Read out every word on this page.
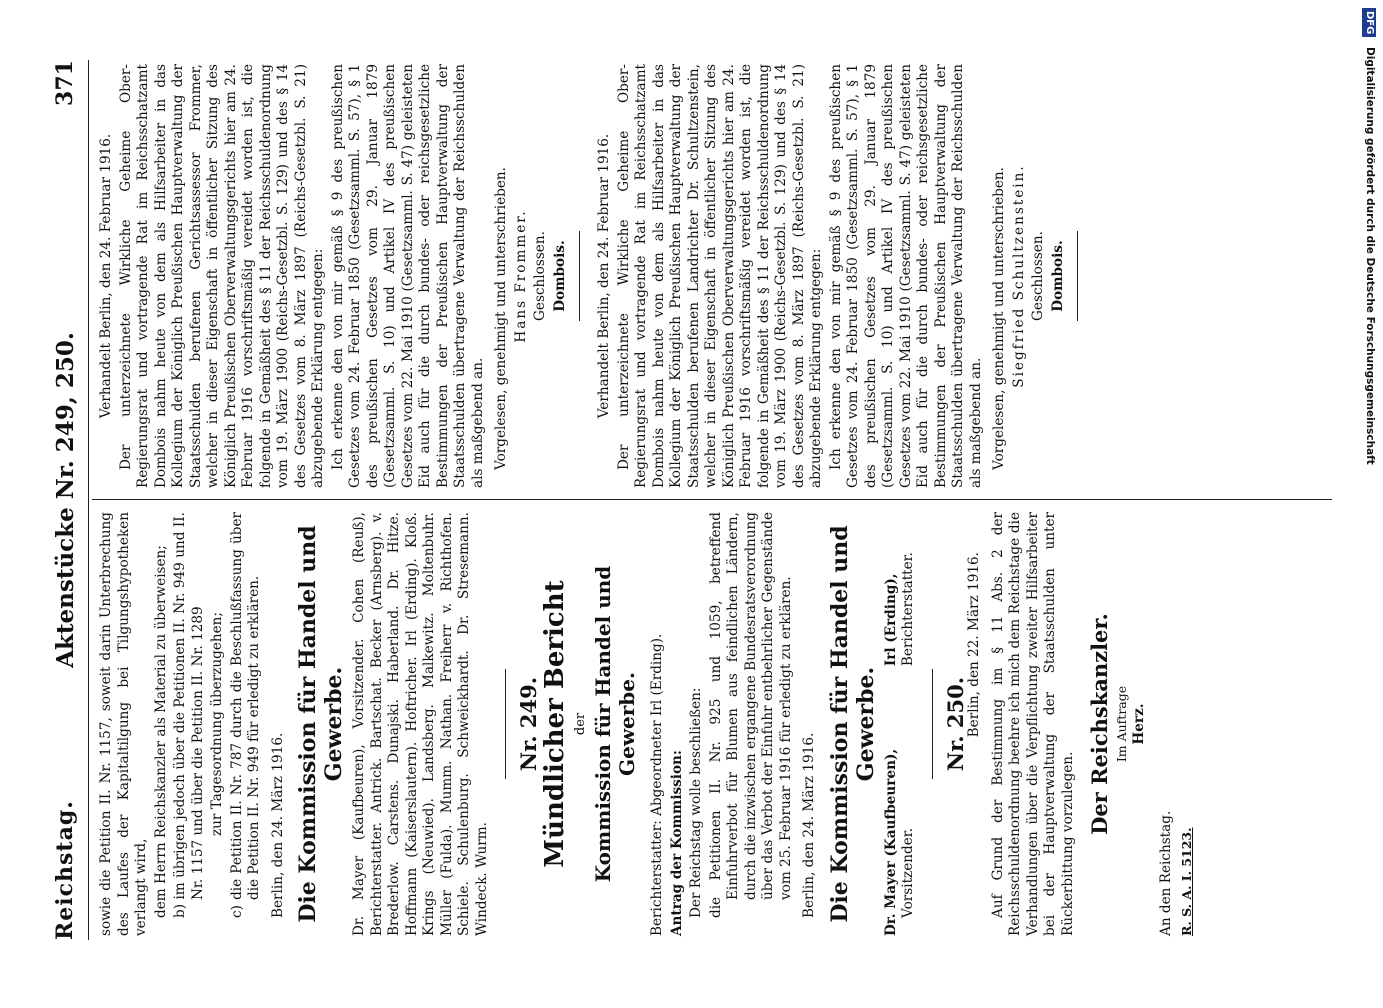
Reichstag.
Aktenstücke Nr. 249, 250.
371

sowie die Petition II. Nr. 1157, soweit darin Unterbrechung des Laufes der Kapitaltilgung bei Tilgungshypotheken verlangt wird, dem Herrn Reichskanzler als Material zu überweisen; b) im übrigen jedoch über die Petitionen II. Nr. 949 und II. Nr. 1157 und über die Petition II. Nr. 1289 zur Tagesordnung überzugehen; c) die Petition II. Nr. 787 durch die Beschlußfassung über die Petition II. Nr. 949 für erledigt zu erklären. Berlin, den 24. März 1916. Die Kommission für Handel und Gewerbe. Dr. Mayer (Kaufbeuren), Vorsitzender. Cohen (Reuß), Berichterstatter. Antrick. Bartschat. Becker (Arnsberg). v. Brederlow. Carstens. Dunajski. Haberland. Dr. Hitze. Hoffmann (Kaiserslautern). Hoftricher. Irl (Erding). Kloß. Krings (Neuwied). Landsberg. Malkewitz. Moltenbuhr. Müller (Fulda). Mumm. Nathan. Freiherr v. Richthofen. Schiele. Schulenburg. Schweickhardt. Dr. Stresemann. Windeck. Wurm.

Nr. 249.
Mündlicher Bericht der Kommission für Handel und Gewerbe. Berichterstatter: Abgeordneter Irl (Erding). Antrag der Kommission: Der Reichstag wolle beschließen: die Petitionen II. Nr. 925 und 1059, betreffend Einfuhrverbot für Blumen aus feindlichen Ländern, durch die inzwischen ergangene Bundesratsverordnung über das Verbot der Einfuhr entbehrlicher Gegenstände vom 25. Februar 1916 für erledigt zu erklären. Berlin, den 24. März 1916. Die Kommission für Handel und Gewerbe.
Dr. Mayer (Kaufbeuren), Vorsitzender.
Irl (Erding), Berichterstatter.
Nr. 250.

Berlin, den 22. März 1916. Auf Grund der Bestimmung im § 11 Abs. 2 der Reichsschuldenordnung beehre ich mich dem Reichstage die Verhandlungen über die Verpflichtung zweiter Hilfsarbeiter bei der Hauptverwaltung der Staatsschulden unter Rückerbittung vorzulegen.

Der Reichskanzler. Im Auftrage Herz.

An den Reichstag. R. S. A. I. 5123.

Verhandelt Berlin, den 24. Februar 1916. Der unterzeichnete Wirkliche Geheime Ober-Regierungsrat und vortragende Rat im Reichsschatzamt Dombois nahm heute von dem als Hilfsarbeiter in das Kollegium der Königlich Preußischen Hauptverwaltung der Staatsschulden berufenen Gerichtsassessor Frommer, welcher in dieser Eigenschaft in öffentlicher Sitzung des Königlich Preußischen Oberverwaltungsgerichts hier am 24. Februar 1916 vorschriftsmäßig vereidet worden ist, die folgende in Gemäßheit des § 11 der Reichsschuldenordnung vom 19. März 1900 (Reichs-Gesetzbl. S. 129) und des § 14 des Gesetzes vom 8. März 1897 (Reichs-Gesetzbl. S. 21) abzugebende Erklärung entgegen: Ich erkenne den von mir gemäß § 9 des preußischen Gesetzes vom 24. Februar 1850 (Gesetzsamml. S. 57), § 1 des preußischen Gesetzes vom 29. Januar 1879 (Gesetzsamml. S. 10) und Artikel IV des preußischen Gesetzes vom 22. Mai 1910 (Gesetzsamml. S. 47) geleisteten Eid auch für die durch bundes- oder reichsgesetzliche Bestimmungen der Preußischen Hauptverwaltung der Staatsschulden übertragene Verwaltung der Reichsschulden als maßgebend an. Vorgelesen, genehmigt und unterschrieben. Hans Frommer. Geschlossen. Dombois. Verhandelt Berlin, den 24. Februar 1916. Der unterzeichnete Wirkliche Geheime Ober-Regierungsrat und vortragende Rat im Reichsschatzamt Dombois nahm heute von dem als Hilfsarbeiter in das Kollegium der Königlich Preußischen Hauptverwaltung der Staatsschulden berufenen Landrichter Dr. Schultzenstein, welcher in dieser Eigenschaft in öffentlicher Sitzung des Königlich Preußischen Oberverwaltungsgerichts hier am 24. Februar 1916 vorschriftsmäßig vereidet worden ist, die folgende in Gemäßheit des § 11 der Reichsschuldenordnung vom 19. März 1900 (Reichs-Gesetzbl. S. 129) und des § 14 des Gesetzes vom 8. März 1897 (Reichs-Gesetzbl. S. 21) abzugebende Erklärung entgegen: Ich erkenne den von mir gemäß § 9 des preußischen Gesetzes vom 24. Februar 1850 (Gesetzsamml. S. 57), § 1 des preußischen Gesetzes vom 29. Januar 1879 (Gesetzsamml. S. 10) und Artikel IV des preußischen Gesetzes vom 22. Mai 1910 (Gesetzsamml. S. 47) geleisteten Eid auch für die durch bundes- oder reichsgesetzliche Bestimmungen der Preußischen Hauptverwaltung der Staatsschulden übertragene Verwaltung der Reichsschulden als maßgebend an. Vorgelesen, genehmigt und unterschrieben. Siegfried Schultzenstein. Geschlossen. Dombois.

DFG Digitalisierung gefördert durch die Deutsche Forschungsgemeinschaft
